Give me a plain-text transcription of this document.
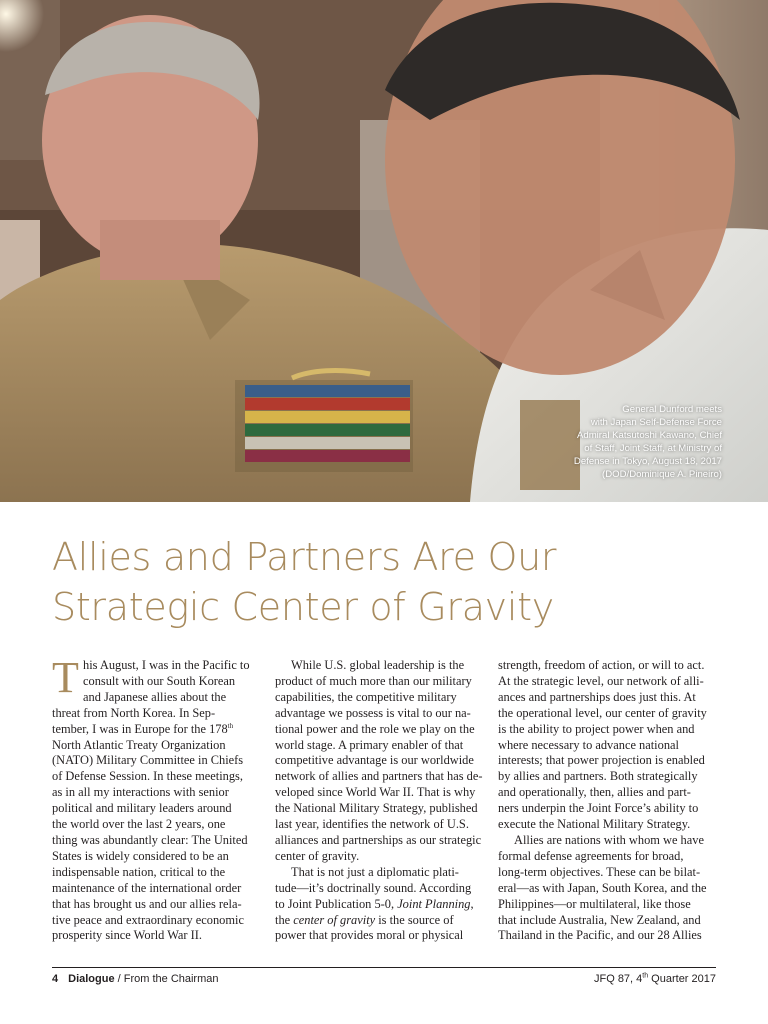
General Dunford meets
with Japan Self-Defense Force
Admiral Katsutoshi Kawano, Chief
of Staff, Joint Staff, at Ministry of
Defense in Tokyo, August 18, 2017
(DOD/Dominique A. Pineiro)
Allies and Partners Are Our
Strategic Center of Gravity
T his August, I was in the Pacific to
consult with our South Korean
and Japanese allies about the
threat from North Korea. In Sep-
tember, I was in Europe for the 178th
North Atlantic Treaty Organization
(NATO) Military Committee in Chiefs
of Defense Session. In these meetings,
as in all my interactions with senior
political and military leaders around
the world over the last 2 years, one
thing was abundantly clear: The United
States is widely considered to be an
indispensable nation, critical to the
maintenance of the international order
that has brought us and our allies rela-
tive peace and extraordinary economic
prosperity since World War II.
While U.S. global leadership is the
product of much more than our military
capabilities, the competitive military
advantage we possess is vital to our na-
tional power and the role we play on the
world stage. A primary enabler of that
competitive advantage is our worldwide
network of allies and partners that has de-
veloped since World War II. That is why
the National Military Strategy, published
last year, identifies the network of U.S.
alliances and partnerships as our strategic
center of gravity.
That is not just a diplomatic plati-
tude—it’s doctrinally sound. According
to Joint Publication 5-0, Joint Planning,
the center of gravity is the source of
power that provides moral or physical
strength, freedom of action, or will to act.
At the strategic level, our network of alli-
ances and partnerships does just this. At
the operational level, our center of gravity
is the ability to project power when and
where necessary to advance national
interests; that power projection is enabled
by allies and partners. Both strategically
and operationally, then, allies and part-
ners underpin the Joint Force’s ability to
execute the National Military Strategy.
Allies are nations with whom we have
formal defense agreements for broad,
long-term objectives. These can be bilat-
eral—as with Japan, South Korea, and the
Philippines—or multilateral, like those
that include Australia, New Zealand, and
Thailand in the Pacific, and our 28 Allies
4 Dialogue / From the Chairman	JFQ 87, 4th Quarter 2017
